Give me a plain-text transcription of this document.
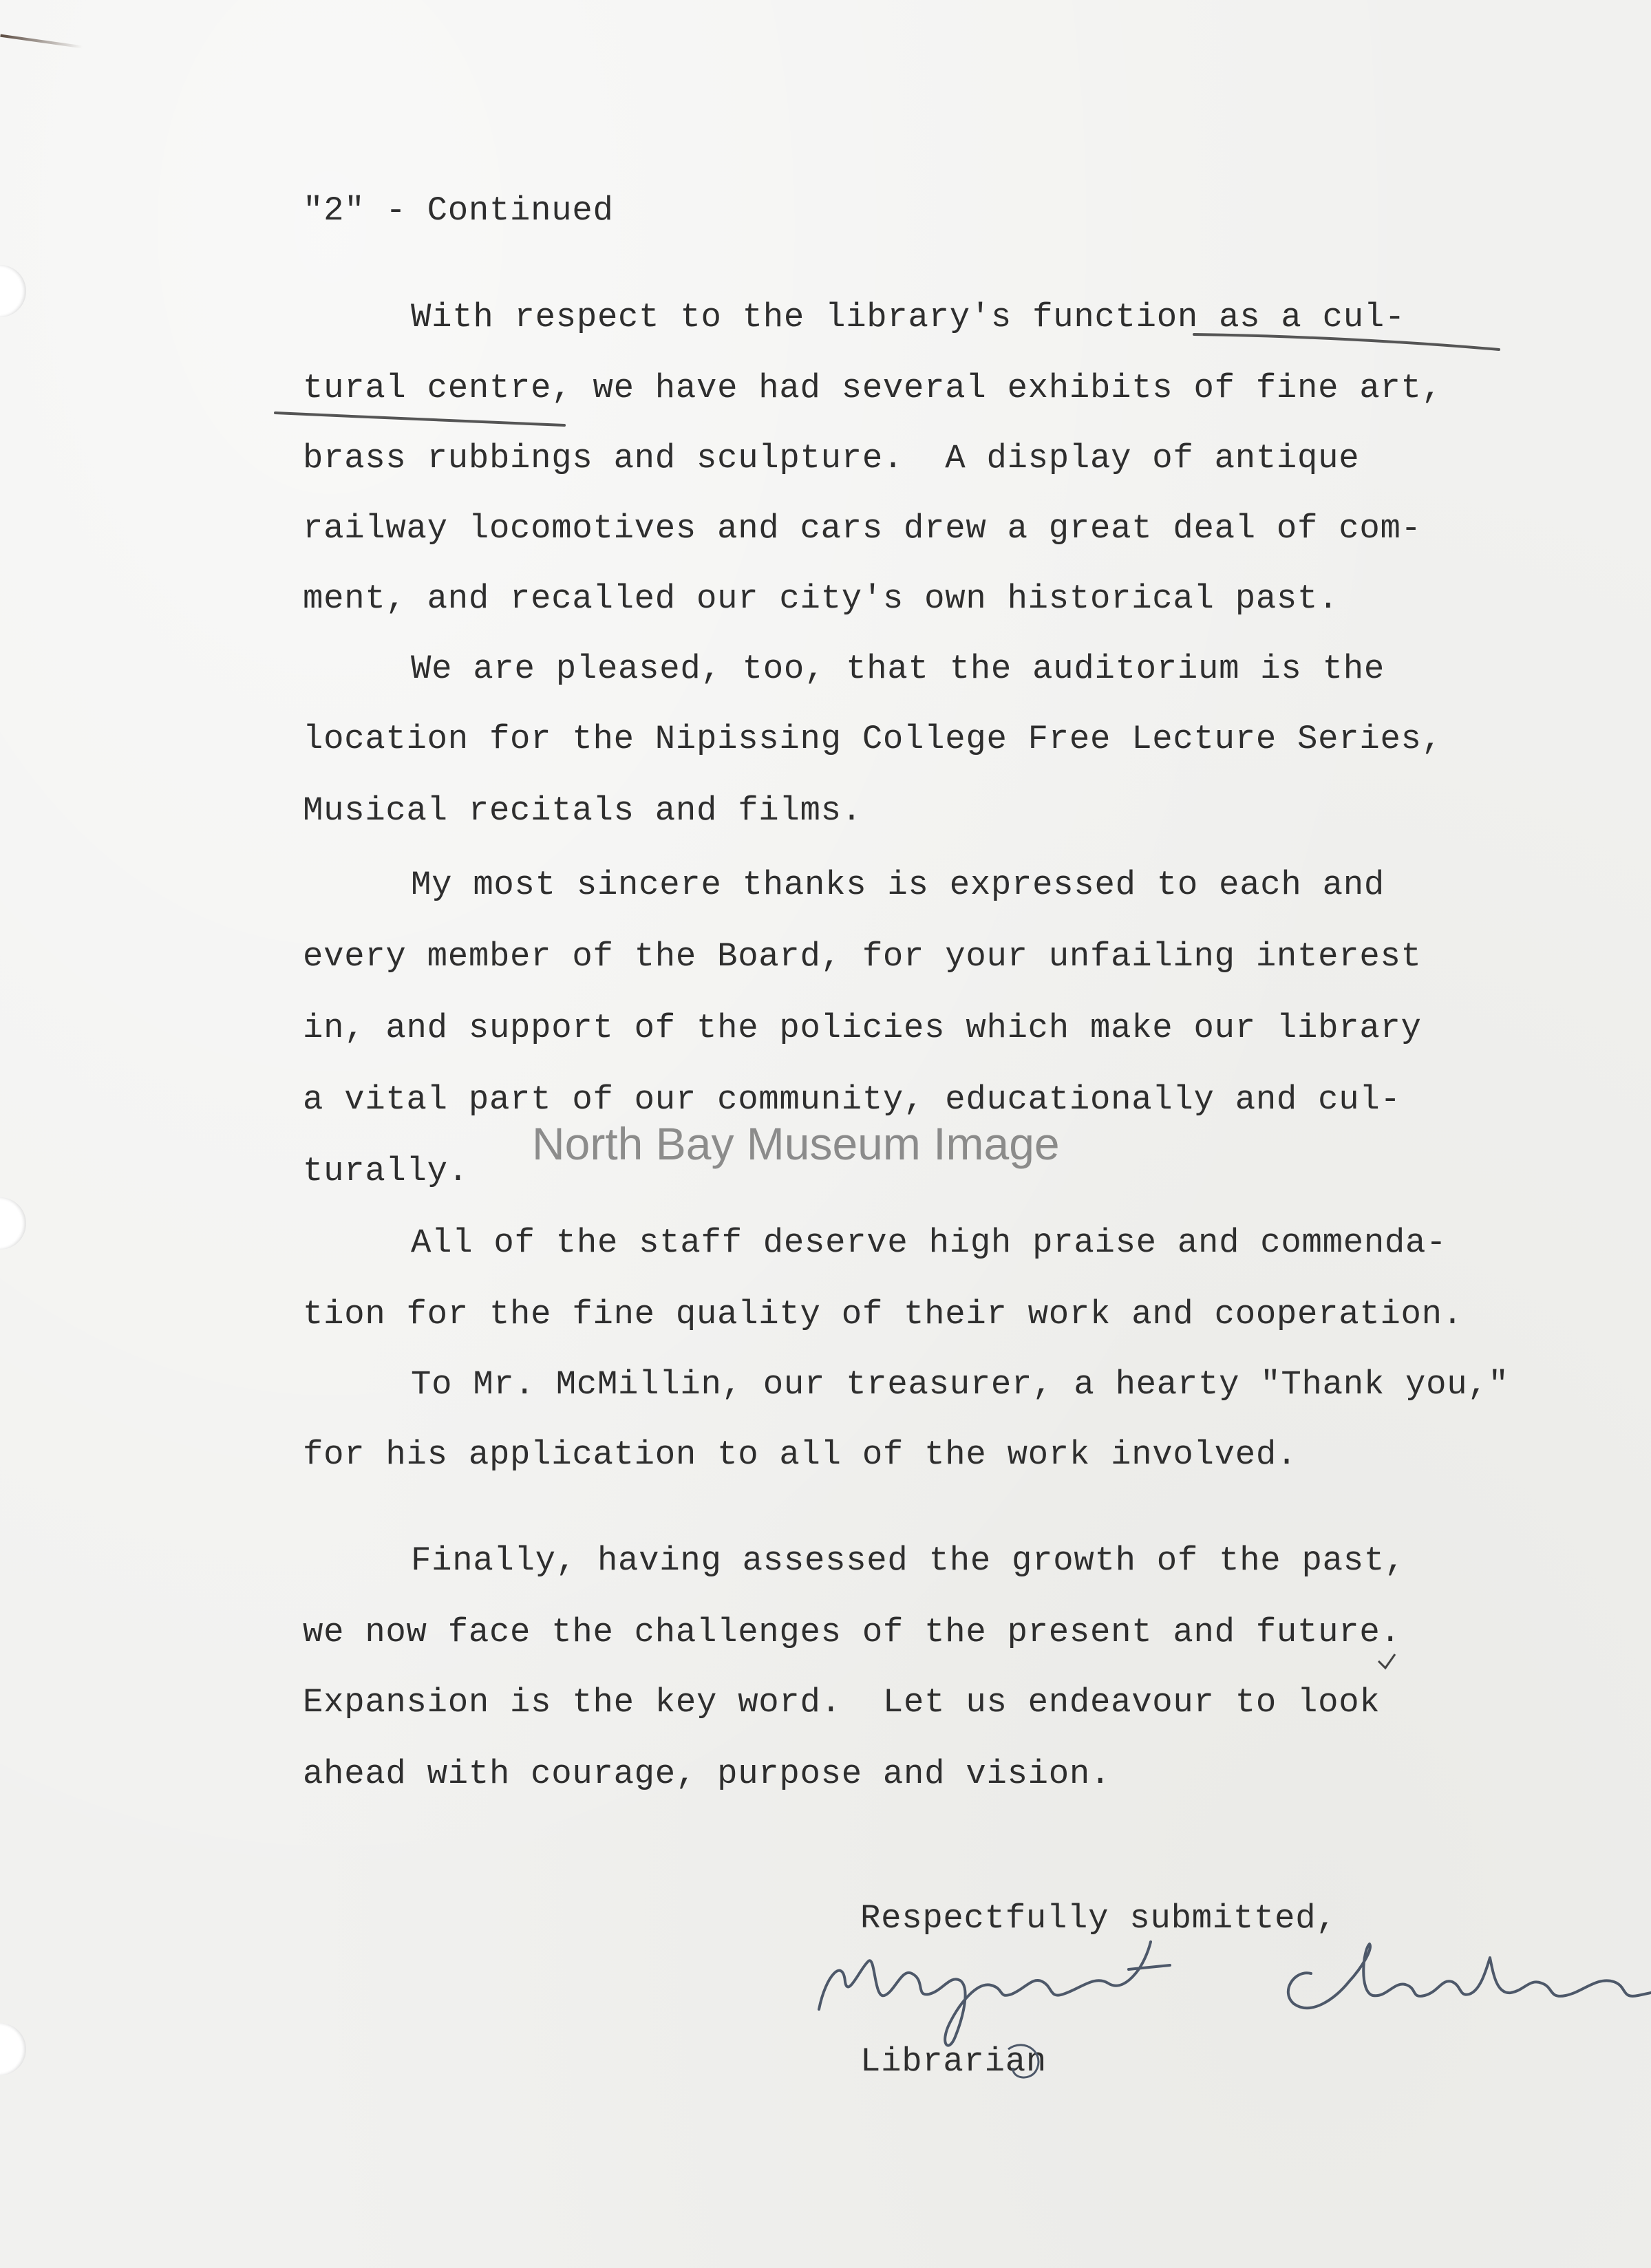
"2" - Continued
With respect to the library's function as a cul-
tural centre, we have had several exhibits of fine art,
brass rubbings and sculpture.  A display of antique
railway locomotives and cars drew a great deal of com-
ment, and recalled our city's own historical past.
We are pleased, too, that the auditorium is the
location for the Nipissing College Free Lecture Series,
Musical recitals and films.
My most sincere thanks is expressed to each and
every member of the Board, for your unfailing interest
in, and support of the policies which make our library
a vital part of our community, educationally and cul-
turally.
All of the staff deserve high praise and commenda-
tion for the fine quality of their work and cooperation.
To Mr. McMillin, our treasurer, a hearty "Thank you,"
for his application to all of the work involved.
Finally, having assessed the growth of the past,
we now face the challenges of the present and future.
Expansion is the key word.  Let us endeavour to look
ahead with courage, purpose and vision.
Respectfully submitted,
Librarian
North Bay Museum Image
